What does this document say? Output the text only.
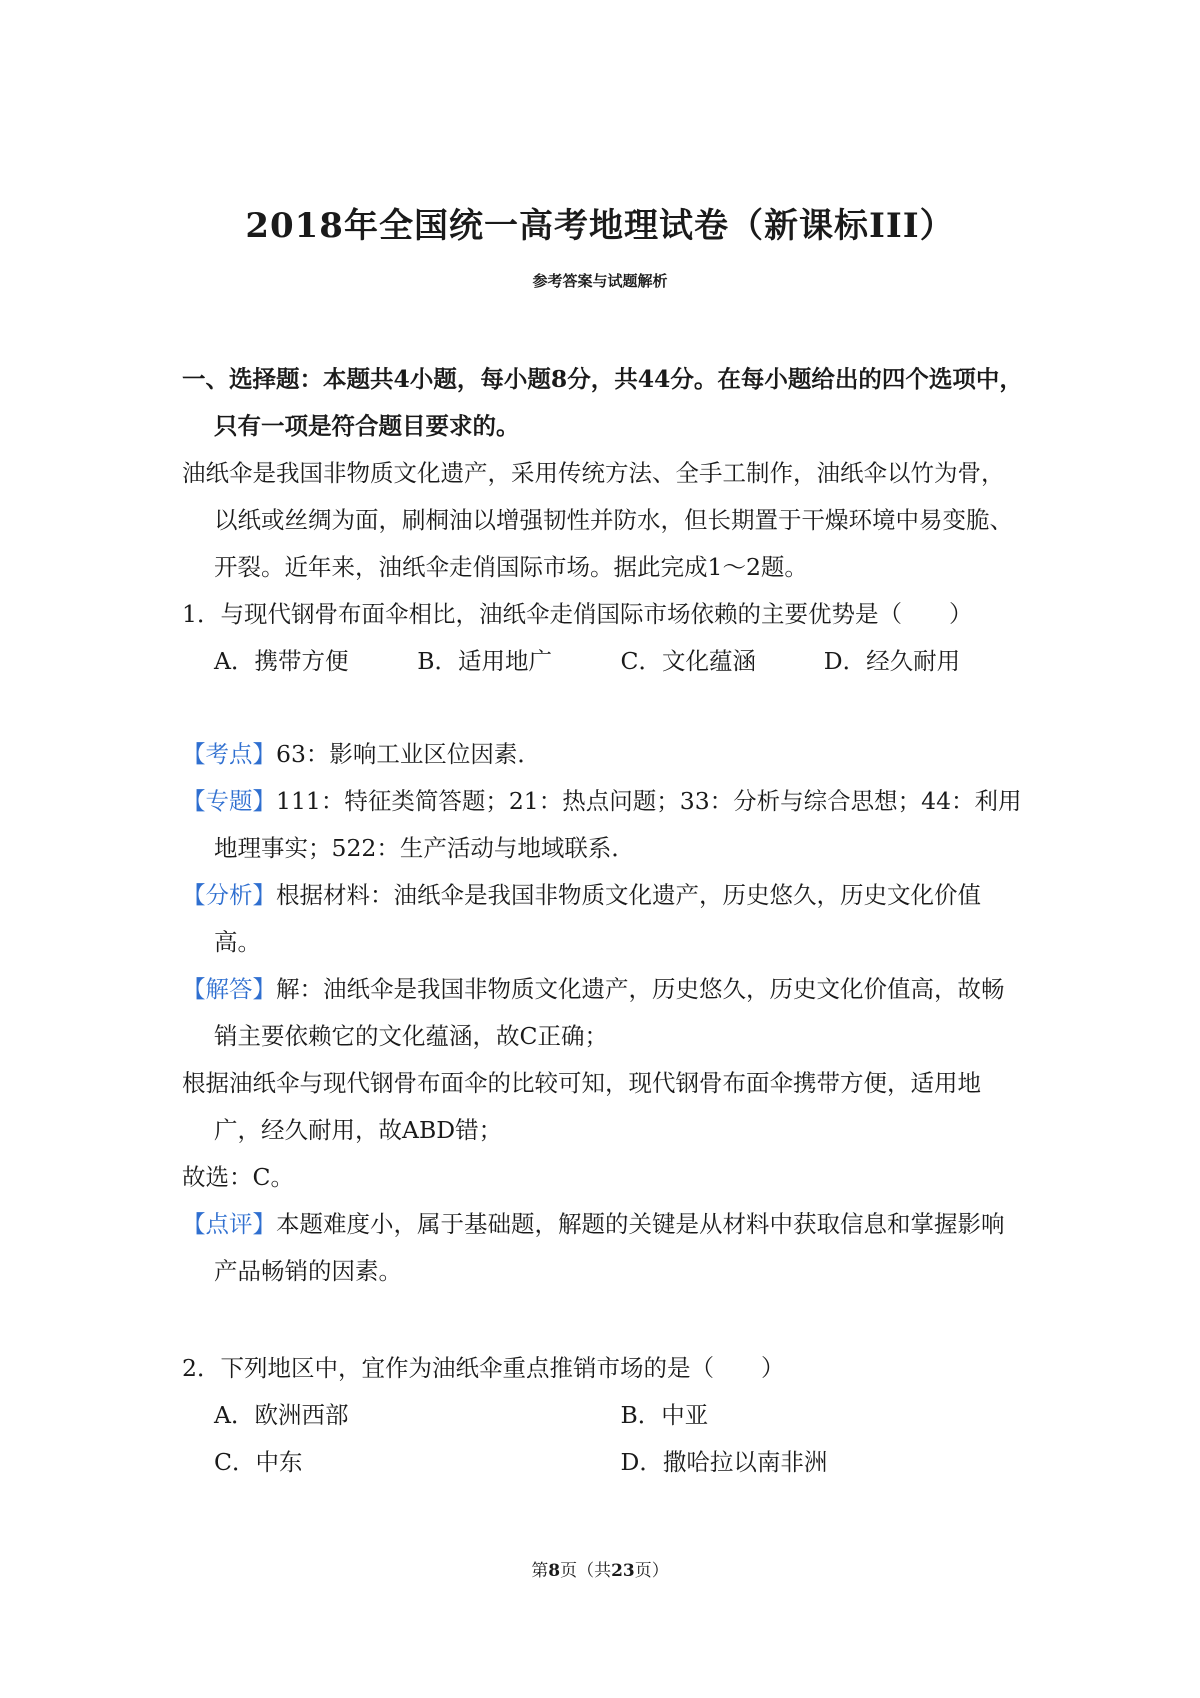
2018年全国统一高考地理试卷（新课标III）

参考答案与试题解析

一、选择题：本题共4小题，每小题8分，共44分。在每小题给出的四个选项中，只有一项是符合题目要求的。

油纸伞是我国非物质文化遗产，采用传统方法、全手工制作，油纸伞以竹为骨，以纸或丝绸为面，刷桐油以增强韧性并防水，但长期置于干燥环境中易变脆、开裂。近年来，油纸伞走俏国际市场。据此完成1～2题。

1．与现代钢骨布面伞相比，油纸伞走俏国际市场依赖的主要优势是（　　）

A．携带方便	B．适用地广	C．文化蕴涵	D．经久耐用

【考点】63：影响工业区位因素．

【专题】111：特征类简答题；21：热点问题；33：分析与综合思想；44：利用地理事实；522：生产活动与地域联系．

【分析】根据材料：油纸伞是我国非物质文化遗产，历史悠久，历史文化价值高。

【解答】解：油纸伞是我国非物质文化遗产，历史悠久，历史文化价值高，故畅销主要依赖它的文化蕴涵，故C正确；

根据油纸伞与现代钢骨布面伞的比较可知，现代钢骨布面伞携带方便，适用地广，经久耐用，故ABD错；

故选：C。

【点评】本题难度小，属于基础题，解题的关键是从材料中获取信息和掌握影响产品畅销的因素。

2．下列地区中，宜作为油纸伞重点推销市场的是（　　）

A．欧洲西部	B．中亚
C．中东	D．撒哈拉以南非洲
第8页（共23页）
